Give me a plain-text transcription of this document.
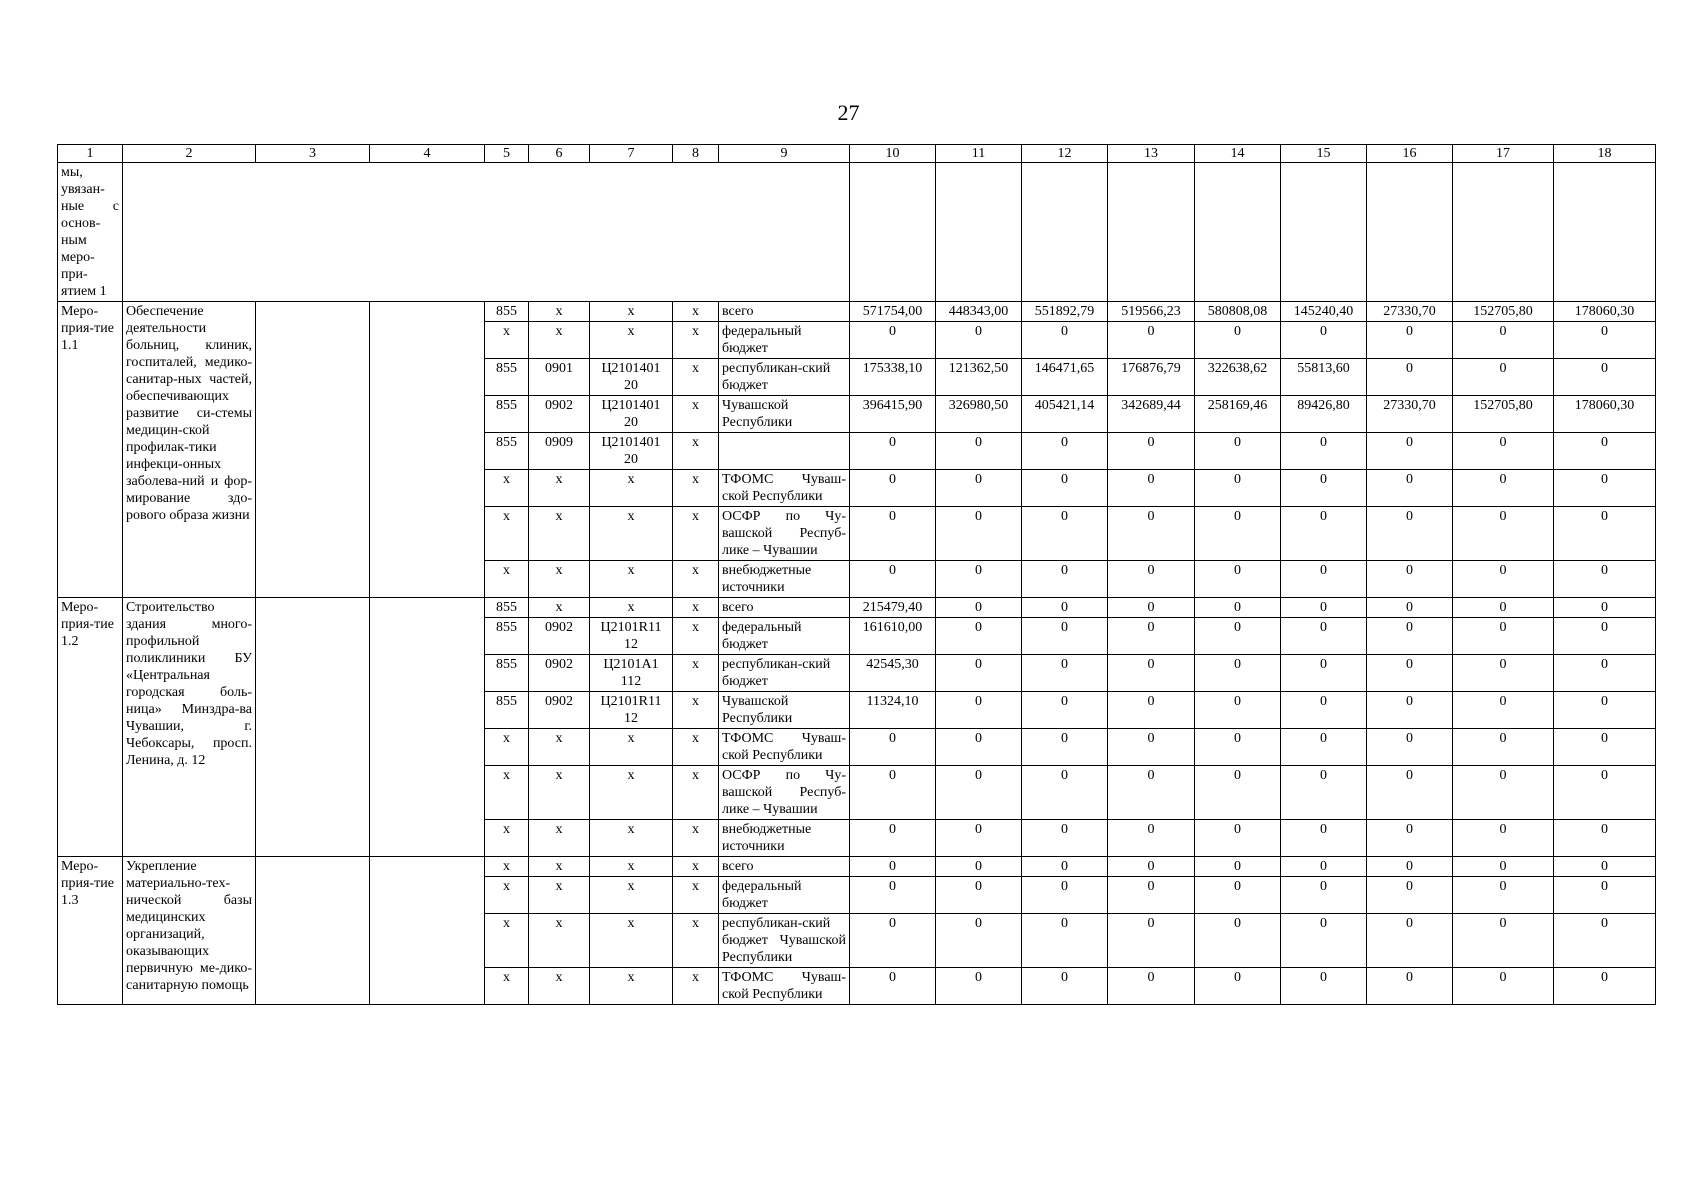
27
1	2	3	4	5	6	7	8	9	10	11	12	13	14	15	16	17	18
мы, увязан-ные с основ-ным меро-при-ятием 1																	
Меро-прия-тие 1.1	Обеспечение деятельности больниц, клиник, госпиталей, медико-санитар-ных частей, обеспечивающих развитие си-стемы медицин-ской профилак-тики инфекци-онных заболева-ний и фор-мирование здо-рового образа жизни			855	х	х	х	всего	571754,00	448343,00	551892,79	519566,23	580808,08	145240,40	27330,70	152705,80	178060,30
				х	х	х	х	федеральный бюджет	0	0	0	0	0	0	0	0	0
				855	0901	Ц2101401 20	х	республикан-ский бюджет	175338,10	121362,50	146471,65	176876,79	322638,62	55813,60	0	0	0
				855	0902	Ц2101401 20	х	Чувашской Республики	396415,90	326980,50	405421,14	342689,44	258169,46	89426,80	27330,70	152705,80	178060,30
				855	0909	Ц2101401 20	х		0	0	0	0	0	0	0	0	0
				х	х	х	х	ТФОМС Чуваш-ской Республики	0	0	0	0	0	0	0	0	0
				х	х	х	х	ОСФР по Чу-вашской Респуб-лике – Чувашии	0	0	0	0	0	0	0	0	0
				х	х	х	х	внебюджетные источники	0	0	0	0	0	0	0	0	0
Меро-прия-тие 1.2	Строительство здания много-профильной поликлиники БУ «Центральная городская боль-ница» Минздра-ва Чувашии, г. Чебоксары, просп. Ленина, д. 12			855	х	х	х	всего	215479,40	0	0	0	0	0	0	0	0
				855	0902	Ц2101R11 12	х	федеральный бюджет	161610,00	0	0	0	0	0	0	0	0
				855	0902	Ц2101А1 112	х	республикан-ский бюджет	42545,30	0	0	0	0	0	0	0	0
				855	0902	Ц2101R11 12	х	Чувашской Республики	11324,10	0	0	0	0	0	0	0	0
				х	х	х	х	ТФОМС Чуваш-ской Республики	0	0	0	0	0	0	0	0	0
				х	х	х	х	ОСФР по Чу-вашской Респуб-лике – Чувашии	0	0	0	0	0	0	0	0	0
				х	х	х	х	внебюджетные источники	0	0	0	0	0	0	0	0	0
Меро-прия-тие 1.3	Укрепление материально-тех-нической базы медицинских организаций, оказывающих первичную ме-дико-санитарную помощь			х	х	х	х	всего	0	0	0	0	0	0	0	0	0
				х	х	х	х	федеральный бюджет	0	0	0	0	0	0	0	0	0
				х	х	х	х	республикан-ский бюджет Чувашской Республики	0	0	0	0	0	0	0	0	0
				х	х	х	х	ТФОМС Чуваш-ской Республики	0	0	0	0	0	0	0	0	0
